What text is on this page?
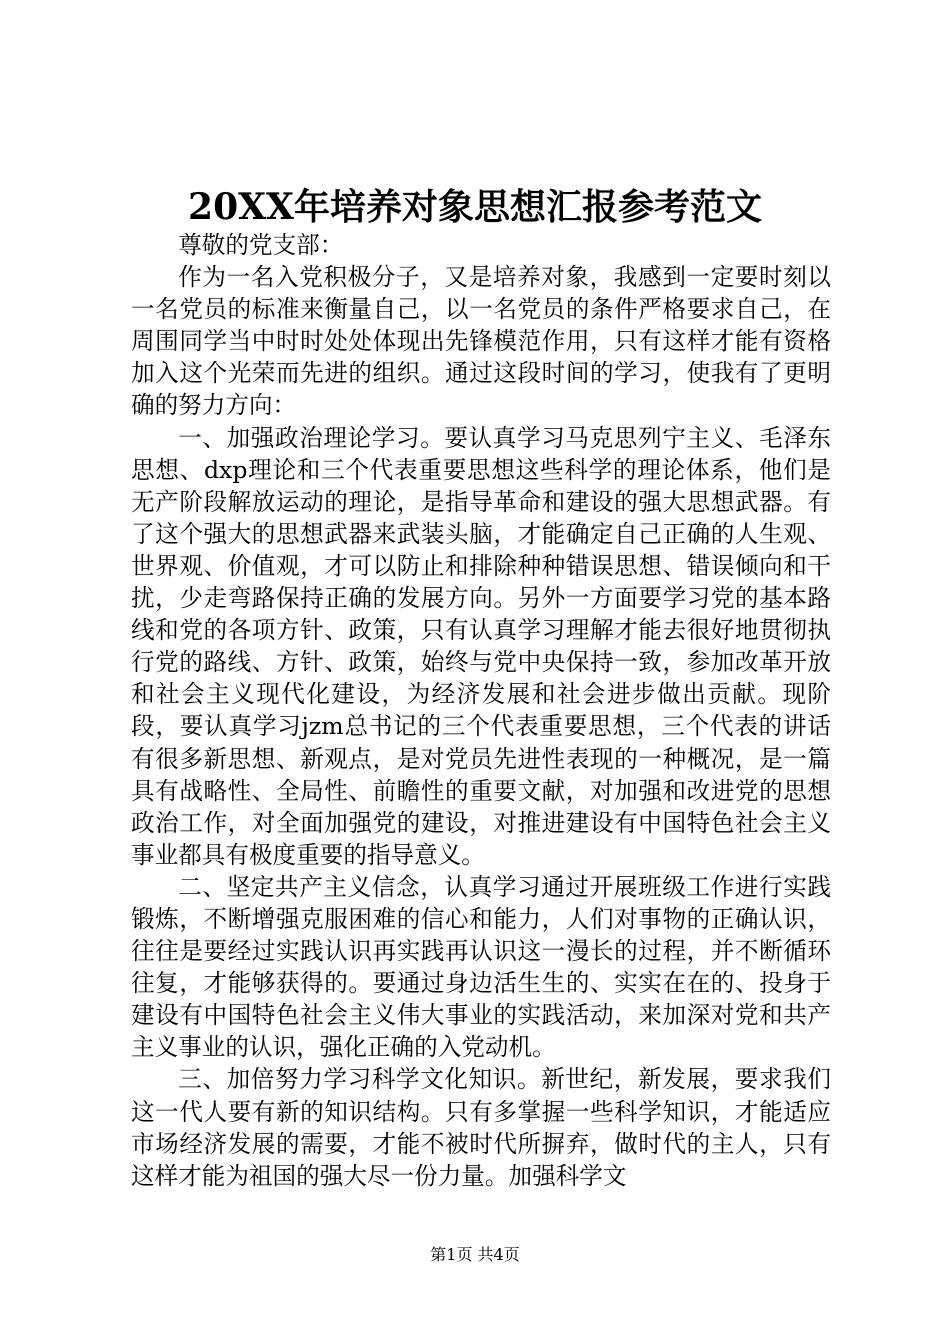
20XX年培养对象思想汇报参考范文

尊敬的党支部：

作为一名入党积极分子，又是培养对象，我感到一定要时刻以一名党员的标准来衡量自己，以一名党员的条件严格要求自己，在周围同学当中时时处处体现出先锋模范作用，只有这样才能有资格加入这个光荣而先进的组织。通过这段时间的学习，使我有了更明确的努力方向：

一、加强政治理论学习。要认真学习马克思列宁主义、毛泽东思想、dxp理论和三个代表重要思想这些科学的理论体系，他们是无产阶段解放运动的理论，是指导革命和建设的强大思想武器。有了这个强大的思想武器来武装头脑，才能确定自己正确的人生观、世界观、价值观，才可以防止和排除种种错误思想、错误倾向和干扰，少走弯路保持正确的发展方向。另外一方面要学习党的基本路线和党的各项方针、政策，只有认真学习理解才能去很好地贯彻执行党的路线、方针、政策，始终与党中央保持一致，参加改革开放和社会主义现代化建设，为经济发展和社会进步做出贡献。现阶段，要认真学习jzm总书记的三个代表重要思想，三个代表的讲话有很多新思想、新观点，是对党员先进性表现的一种概况，是一篇具有战略性、全局性、前瞻性的重要文献，对加强和改进党的思想政治工作，对全面加强党的建设，对推进建设有中国特色社会主义事业都具有极度重要的指导意义。

二、坚定共产主义信念，认真学习通过开展班级工作进行实践锻炼，不断增强克服困难的信心和能力，人们对事物的正确认识，往往是要经过实践认识再实践再认识这一漫长的过程，并不断循环往复，才能够获得的。要通过身边活生生的、实实在在的、投身于建设有中国特色社会主义伟大事业的实践活动，来加深对党和共产主义事业的认识，强化正确的入党动机。

三、加倍努力学习科学文化知识。新世纪，新发展，要求我们这一代人要有新的知识结构。只有多掌握一些科学知识，才能适应市场经济发展的需要，才能不被时代所摒弃，做时代的主人，只有这样才能为祖国的强大尽一份力量。加强科学文

第1页 共4页
